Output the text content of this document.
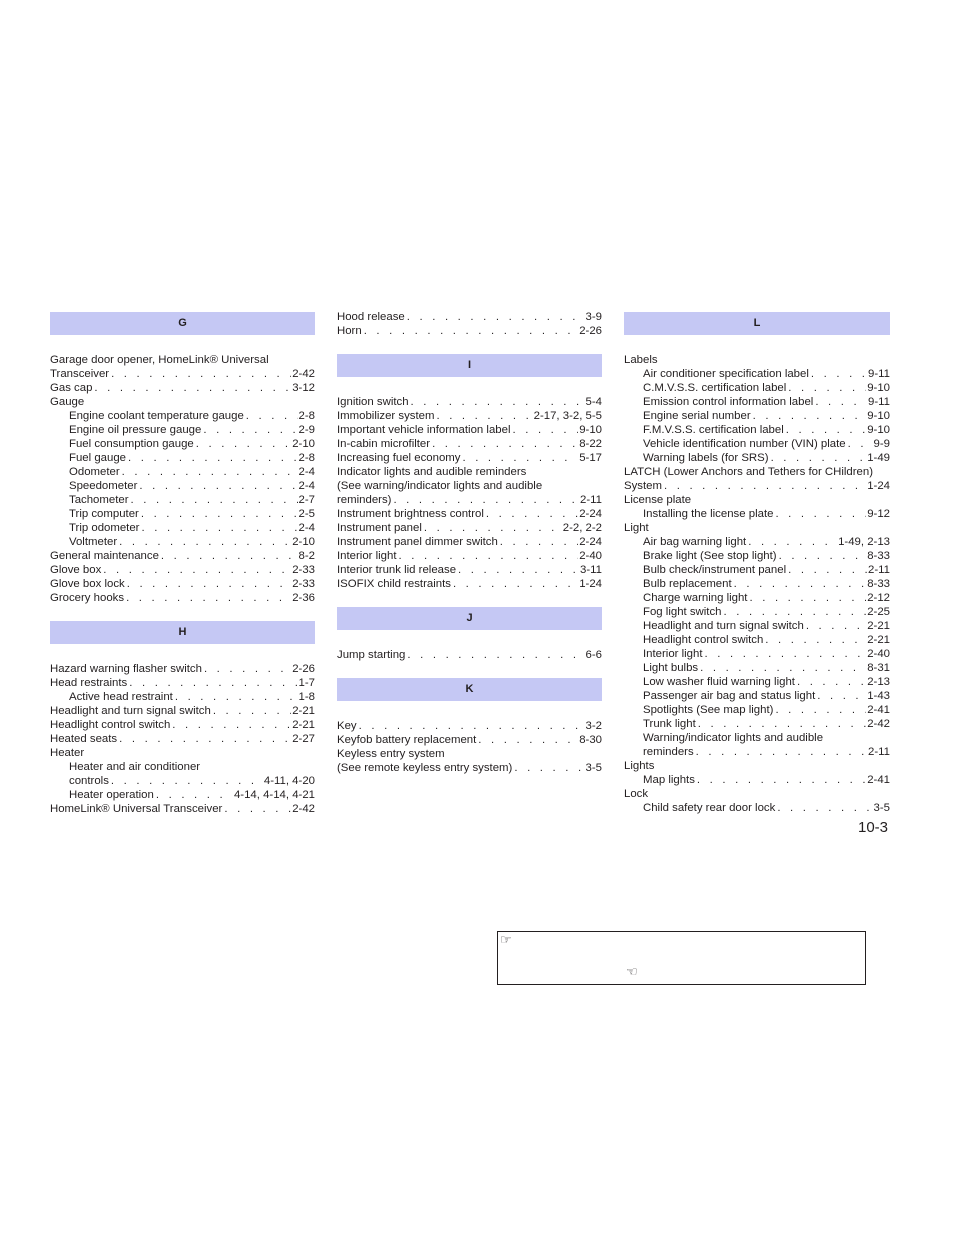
G
Garage door opener, HomeLink® Universal
Transceiver . . .	2-42
Gas cap . . .	3-12
Gauge
Engine coolant temperature gauge . . .	2-8
Engine oil pressure gauge . . .	2-9
Fuel consumption gauge . . .	2-10
Fuel gauge . . .	2-8
Odometer . . .	2-4
Speedometer . . .	2-4
Tachometer . . .	2-7
Trip computer . . .	2-5
Trip odometer . . .	2-4
Voltmeter . . .	2-10
General maintenance . . .	8-2
Glove box . . .	2-33
Glove box lock . . .	2-33
Grocery hooks . . .	2-36
H
Hazard warning flasher switch . . .	2-26
Head restraints . . .	1-7
Active head restraint . . .	1-8
Headlight and turn signal switch . . .	2-21
Headlight control switch . . .	2-21
Heated seats . . .	2-27
Heater
Heater and air conditioner
controls . . .	4-11, 4-20
Heater operation . . .	4-14, 4-14, 4-21
HomeLink® Universal Transceiver . . .	2-42
Hood release . . .	3-9
Horn . . .	2-26
I
Ignition switch . . .	5-4
Immobilizer system . . .	2-17, 3-2, 5-5
Important vehicle information label . . .	9-10
In-cabin microfilter . . .	8-22
Increasing fuel economy . . .	5-17
Indicator lights and audible reminders
(See warning/indicator lights and audible
reminders) . . .	2-11
Instrument brightness control . . .	2-24
Instrument panel . . .	2-2, 2-2
Instrument panel dimmer switch . . .	2-24
Interior light . . .	2-40
Interior trunk lid release . . .	3-11
ISOFIX child restraints . . .	1-24
J
Jump starting . . .	6-6
K
Key . . .	3-2
Keyfob battery replacement . . .	8-30
Keyless entry system
(See remote keyless entry system) . . .	3-5
L
Labels
Air conditioner specification label . . .	9-11
C.M.V.S.S. certification label . . .	9-10
Emission control information label . . .	9-11
Engine serial number . . .	9-10
F.M.V.S.S. certification label . . .	9-10
Vehicle identification number (VIN) plate . . . 9-9
Warning labels (for SRS) . . .	1-49
LATCH (Lower Anchors and Tethers for CHildren)
System . . .	1-24
License plate
Installing the license plate . . .	9-12
Light
Air bag warning light . . .	1-49, 2-13
Brake light (See stop light) . . .	8-33
Bulb check/instrument panel . . .	2-11
Bulb replacement . . .	8-33
Charge warning light . . .	2-12
Fog light switch . . .	2-25
Headlight and turn signal switch . . .	2-21
Headlight control switch . . .	2-21
Interior light . . .	2-40
Light bulbs . . .	8-31
Low washer fluid warning light . . .	2-13
Passenger air bag and status light . . .	1-43
Spotlights (See map light) . . .	2-41
Trunk light . . .	2-42
Warning/indicator lights and audible
reminders . . .	2-11
Lights
Map lights . . .	2-41
Lock
Child safety rear door lock . . .	3-5
10-3
☞
☜
